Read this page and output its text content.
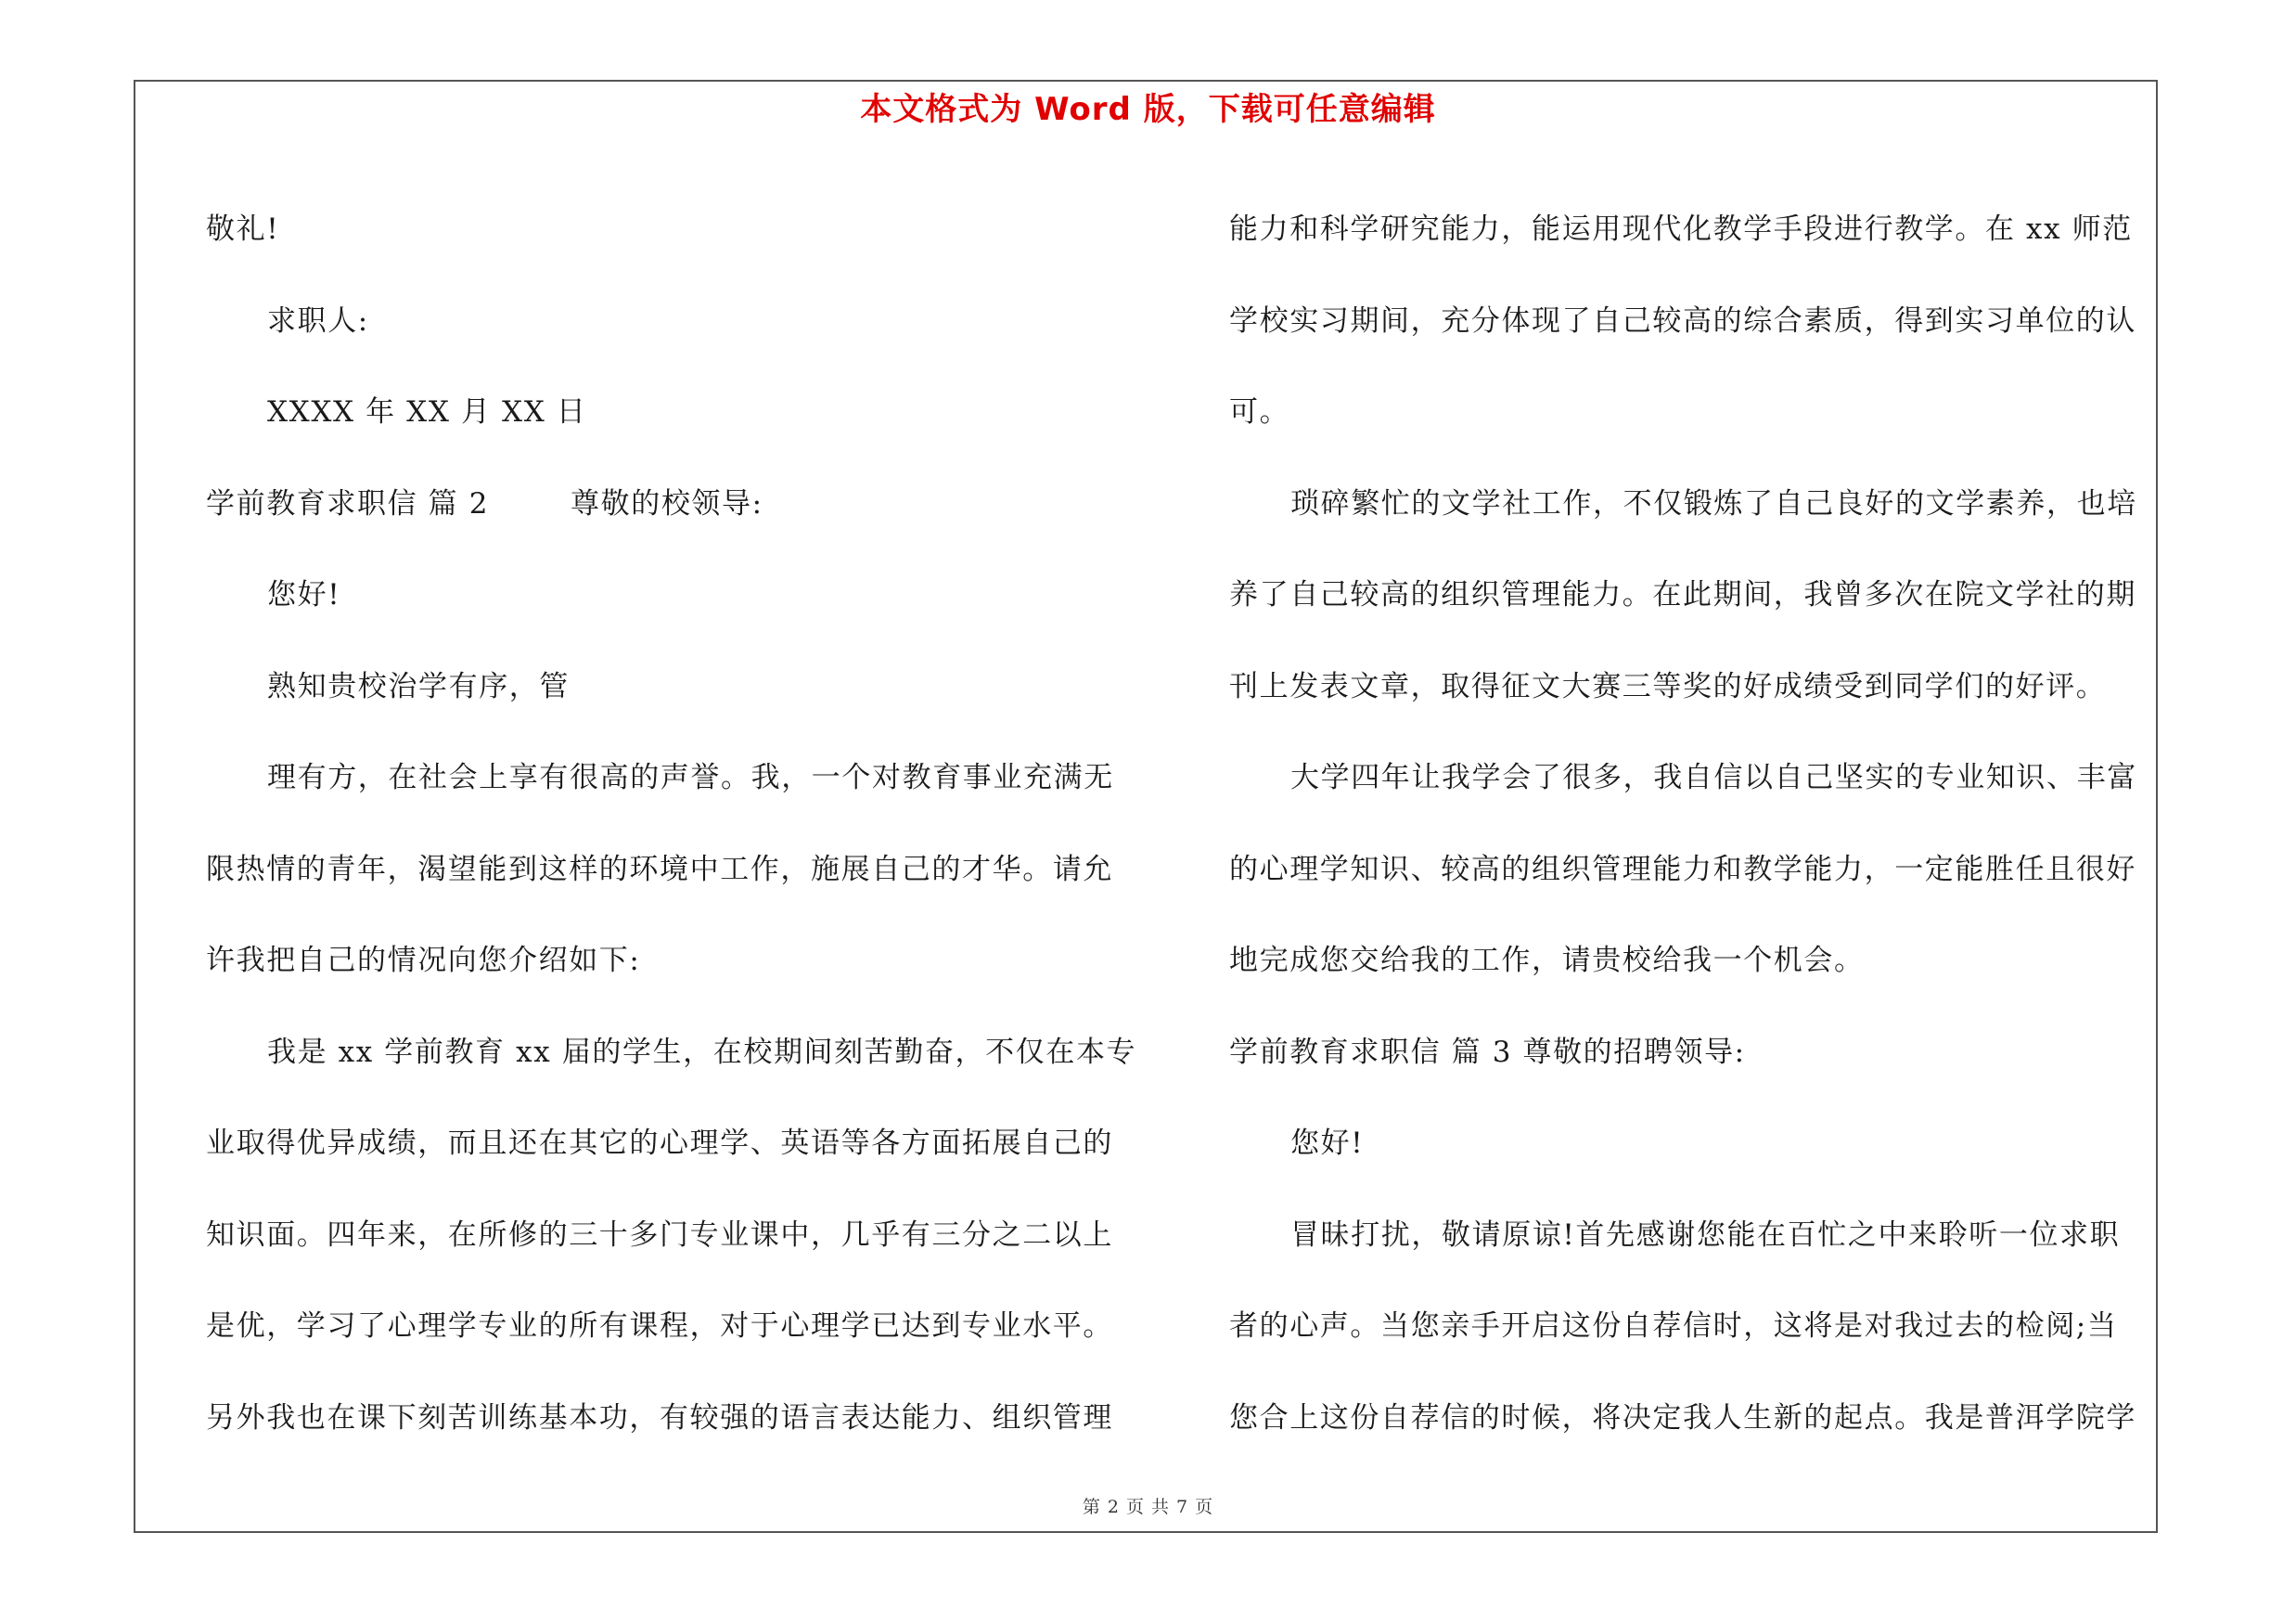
本文格式为 Word 版，下载可任意编辑
敬礼!
求职人:
XXXX 年 XX 月 XX 日
学前教育求职信 篇 2	尊敬的校领导:
您好!
熟知贵校治学有序，管
理有方，在社会上享有很高的声誉。我，一个对教育事业充满无
限热情的青年，渴望能到这样的环境中工作，施展自己的才华。请允
许我把自己的情况向您介绍如下:
我是 xx 学前教育 xx 届的学生，在校期间刻苦勤奋，不仅在本专
业取得优异成绩，而且还在其它的心理学、英语等各方面拓展自己的
知识面。四年来，在所修的三十多门专业课中，几乎有三分之二以上
是优，学习了心理学专业的所有课程，对于心理学已达到专业水平。
另外我也在课下刻苦训练基本功，有较强的语言表达能力、组织管理
能力和科学研究能力，能运用现代化教学手段进行教学。在 xx 师范
学校实习期间，充分体现了自己较高的综合素质，得到实习单位的认
可。
琐碎繁忙的文学社工作，不仅锻炼了自己良好的文学素养，也培
养了自己较高的组织管理能力。在此期间，我曾多次在院文学社的期
刊上发表文章，取得征文大赛三等奖的好成绩受到同学们的好评。
大学四年让我学会了很多，我自信以自己坚实的专业知识、丰富
的心理学知识、较高的组织管理能力和教学能力，一定能胜任且很好
地完成您交给我的工作，请贵校给我一个机会。
学前教育求职信 篇 3 尊敬的招聘领导:
您好!
冒昧打扰，敬请原谅!首先感谢您能在百忙之中来聆听一位求职
者的心声。当您亲手开启这份自荐信时，这将是对我过去的检阅;当
您合上这份自荐信的时候，将决定我人生新的起点。我是普洱学院学
第 2 页 共 7 页
